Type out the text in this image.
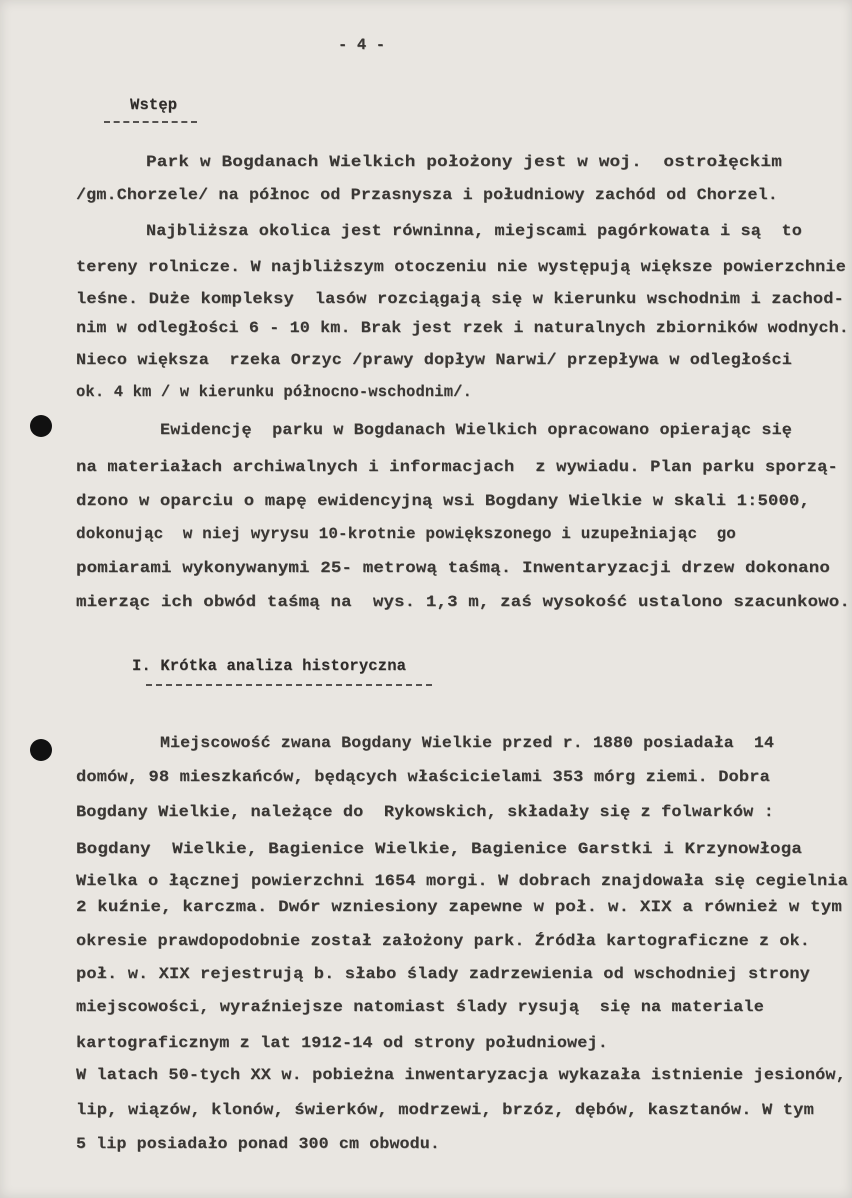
- 4 -
Wstęp
Park w Bogdanach Wielkich położony jest w woj.  ostrołęckim
/gm.Chorzele/ na północ od Przasnysza i południowy zachód od Chorzel.
Najbliższa okolica jest równinna, miejscami pagórkowata i są  to
tereny rolnicze. W najbliższym otoczeniu nie występują większe powierzchnie
leśne. Duże kompleksy  lasów rozciągają się w kierunku wschodnim i zachod-
nim w odległości 6 - 10 km. Brak jest rzek i naturalnych zbiorników wodnych.
Nieco większa  rzeka Orzyc /prawy dopływ Narwi/ przepływa w odległości
ok. 4 km / w kierunku północno-wschodnim/.
Ewidencję  parku w Bogdanach Wielkich opracowano opierając się
na materiałach archiwalnych i informacjach  z wywiadu. Plan parku sporzą-
dzono w oparciu o mapę ewidencyjną wsi Bogdany Wielkie w skali 1:5000,
dokonując  w niej wyrysu 10-krotnie powiększonego i uzupełniając  go
pomiarami wykonywanymi 25- metrową taśmą. Inwentaryzacji drzew dokonano
mierząc ich obwód taśmą na  wys. 1,3 m, zaś wysokość ustalono szacunkowo.
I. Krótka analiza historyczna
Miejscowość zwana Bogdany Wielkie przed r. 1880 posiadała  14
domów, 98 mieszkańców, będących właścicielami 353 mórg ziemi. Dobra
Bogdany Wielkie, należące do  Rykowskich, składały się z folwarków :
Bogdany  Wielkie, Bagienice Wielkie, Bagienice Garstki i Krzynowłoga
Wielka o łącznej powierzchni 1654 morgi. W dobrach znajdowała się cegielnia
2 kuźnie, karczma. Dwór wzniesiony zapewne w poł. w. XIX a również w tym
okresie prawdopodobnie został założony park. Źródła kartograficzne z ok.
poł. w. XIX rejestrują b. słabo ślady zadrzewienia od wschodniej strony
miejscowości, wyraźniejsze natomiast ślady rysują  się na materiale
kartograficznym z lat 1912-14 od strony południowej.
W latach 50-tych XX w. pobieżna inwentaryzacja wykazała istnienie jesionów,
lip, wiązów, klonów, świerków, modrzewi, brzóz, dębów, kasztanów. W tym
5 lip posiadało ponad 300 cm obwodu.
